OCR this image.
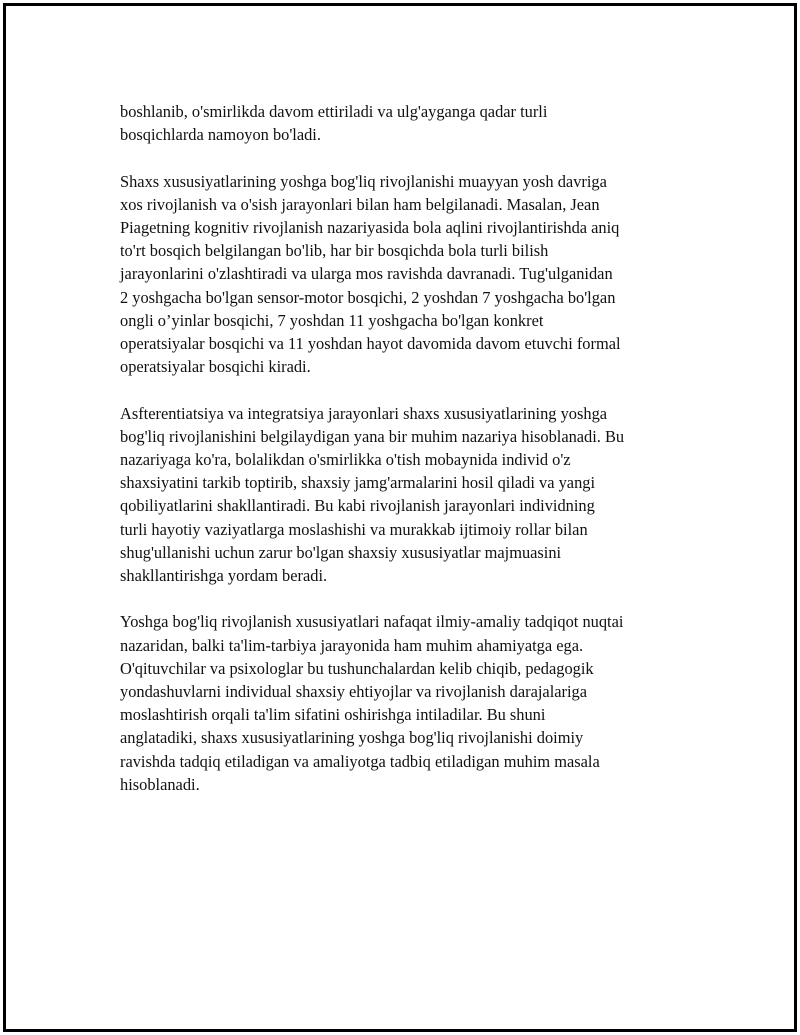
boshlanib, o'smirlikda davom ettiriladi va ulg'ayganga qadar turli
bosqichlarda namoyon bo'ladi.

Shaxs xususiyatlarining yoshga bog'liq rivojlanishi muayyan yosh davriga
xos rivojlanish va o'sish jarayonlari bilan ham belgilanadi. Masalan, Jean
Piagetning kognitiv rivojlanish nazariyasida bola aqlini rivojlantirishda aniq
to'rt bosqich belgilangan bo'lib, har bir bosqichda bola turli bilish
jarayonlarini o'zlashtiradi va ularga mos ravishda davranadi. Tug'ulganidan
2 yoshgacha bo'lgan sensor-motor bosqichi, 2 yoshdan 7 yoshgacha bo'lgan
ongli o’yinlar bosqichi, 7 yoshdan 11 yoshgacha bo'lgan konkret
operatsiyalar bosqichi va 11 yoshdan hayot davomida davom etuvchi formal
operatsiyalar bosqichi kiradi.

Asfterentiatsiya va integratsiya jarayonlari shaxs xususiyatlarining yoshga
bog'liq rivojlanishini belgilaydigan yana bir muhim nazariya hisoblanadi. Bu
nazariyaga ko'ra, bolalikdan o'smirlikka o'tish mobaynida individ o'z
shaxsiyatini tarkib toptirib, shaxsiy jamg'armalarini hosil qiladi va yangi
qobiliyatlarini shakllantiradi. Bu kabi rivojlanish jarayonlari individning
turli hayotiy vaziyatlarga moslashishi va murakkab ijtimoiy rollar bilan
shug'ullanishi uchun zarur bo'lgan shaxsiy xususiyatlar majmuasini
shakllantirishga yordam beradi.

Yoshga bog'liq rivojlanish xususiyatlari nafaqat ilmiy-amaliy tadqiqot nuqtai
nazaridan, balki ta'lim-tarbiya jarayonida ham muhim ahamiyatga ega.
O'qituvchilar va psixologlar bu tushunchalardan kelib chiqib, pedagogik
yondashuvlarni individual shaxsiy ehtiyojlar va rivojlanish darajalariga
moslashtirish orqali ta'lim sifatini oshirishga intiladilar. Bu shuni
anglatadiki, shaxs xususiyatlarining yoshga bog'liq rivojlanishi doimiy
ravishda tadqiq etiladigan va amaliyotga tadbiq etiladigan muhim masala
hisoblanadi.
